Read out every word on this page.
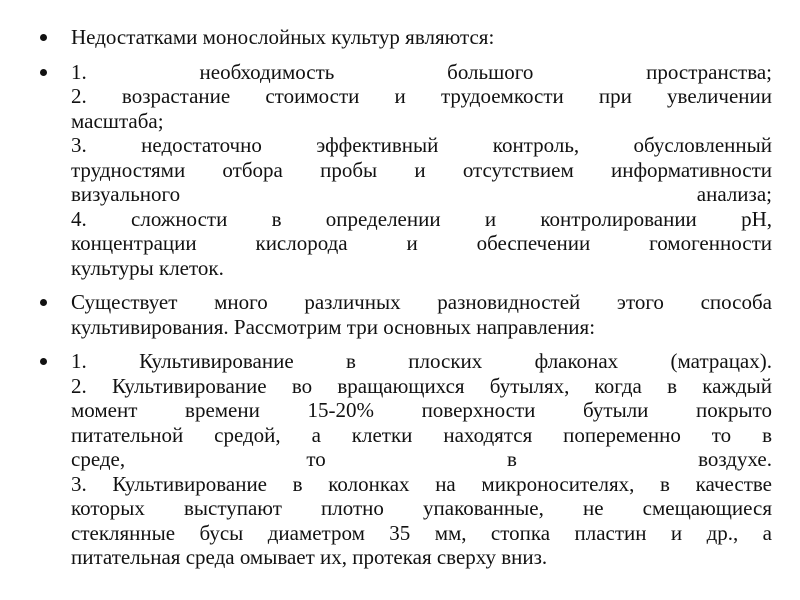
Недостатками монослойных культур являются:
1. необходимость большого пространства;
2. возрастание стоимости и трудоемкости при увеличении
масштаба;
3. недостаточно эффективный контроль, обусловленный
трудностями отбора пробы и отсутствием информативности
визуального анализа;
4. сложности в определении и контролировании pH,
концентрации кислорода и обеспечении гомогенности
культуры клеток.
Существует много различных разновидностей этого способа
культивирования. Рассмотрим три основных направления:
1. Культивирование в плоских флаконах (матрацах).
2. Культивирование во вращающихся бутылях, когда в каждый
момент времени 15-20% поверхности бутыли покрыто
питательной средой, а клетки находятся попеременно то в
среде, то в воздухе.
3. Культивирование в колонках на микроносителях, в качестве
которых выступают плотно упакованные, не смещающиеся
стеклянные бусы диаметром 35 мм, стопка пластин и др., а
питательная среда омывает их, протекая сверху вниз.
